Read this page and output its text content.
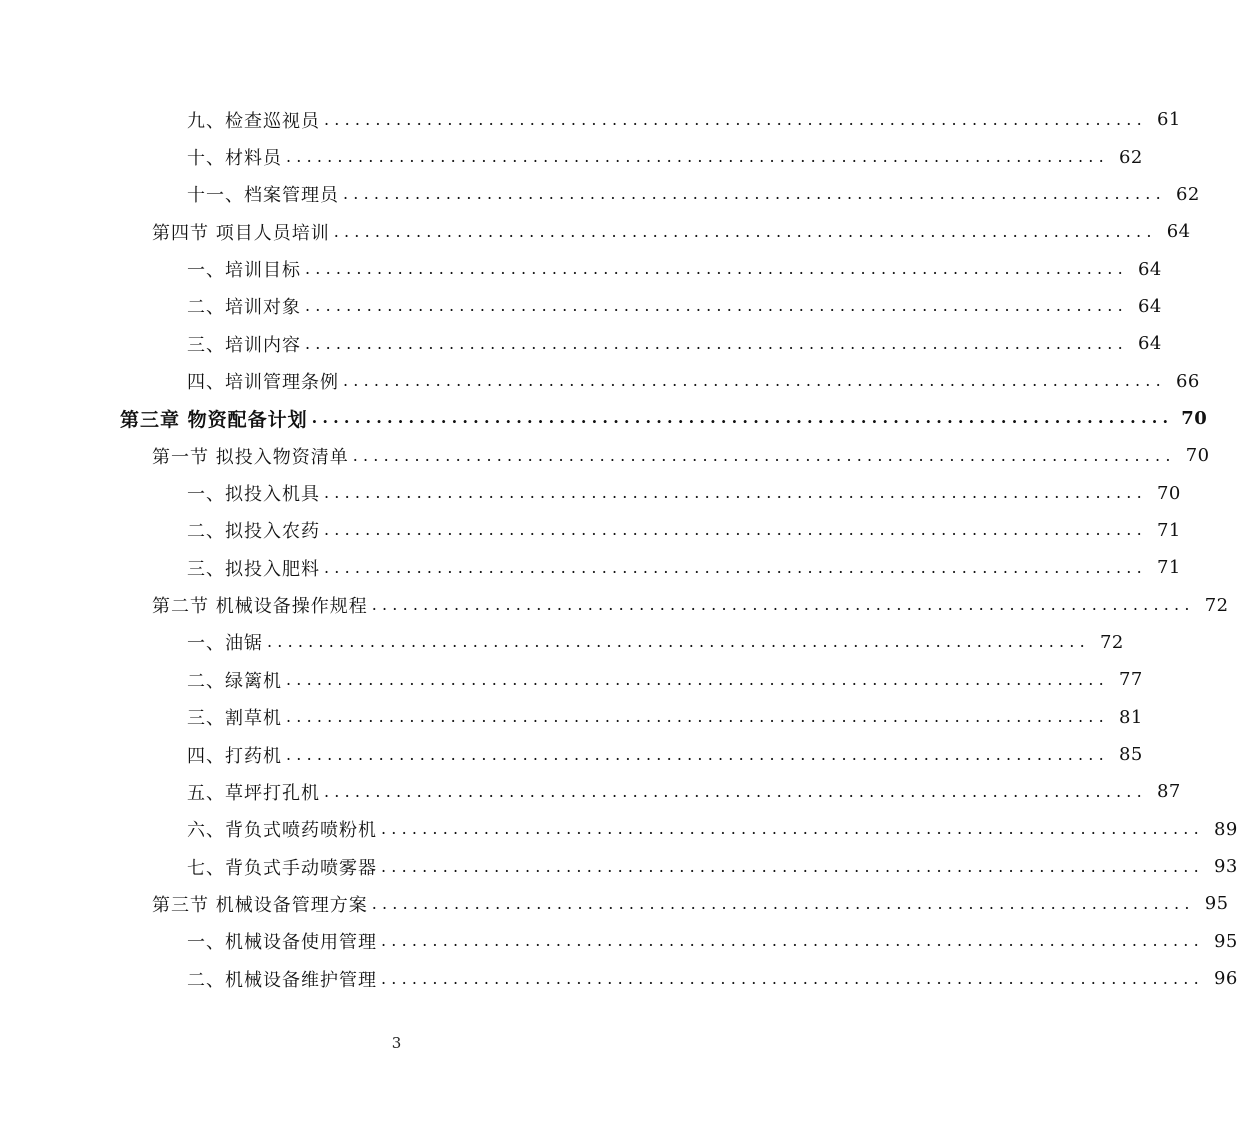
九、检查巡视员 ................................................................................ 61
十、材料员 ................................................................................ 62
十一、档案管理员 ................................................................................ 62
第四节 项目人员培训 ................................................................................ 64
一、培训目标 ................................................................................ 64
二、培训对象 ................................................................................ 64
三、培训内容 ................................................................................ 64
四、培训管理条例 ................................................................................ 66
第三章 物资配备计划 ................................................................................ 70
第一节 拟投入物资清单 ................................................................................ 70
一、拟投入机具 ................................................................................ 70
二、拟投入农药 ................................................................................ 71
三、拟投入肥料 ................................................................................ 71
第二节 机械设备操作规程 ................................................................................ 72
一、油锯 ................................................................................ 72
二、绿篱机 ................................................................................ 77
三、割草机 ................................................................................ 81
四、打药机 ................................................................................ 85
五、草坪打孔机 ................................................................................ 87
六、背负式喷药喷粉机 ................................................................................ 89
七、背负式手动喷雾器 ................................................................................ 93
第三节 机械设备管理方案 ................................................................................ 95
一、机械设备使用管理 ................................................................................ 95
二、机械设备维护管理 ................................................................................ 96
3
